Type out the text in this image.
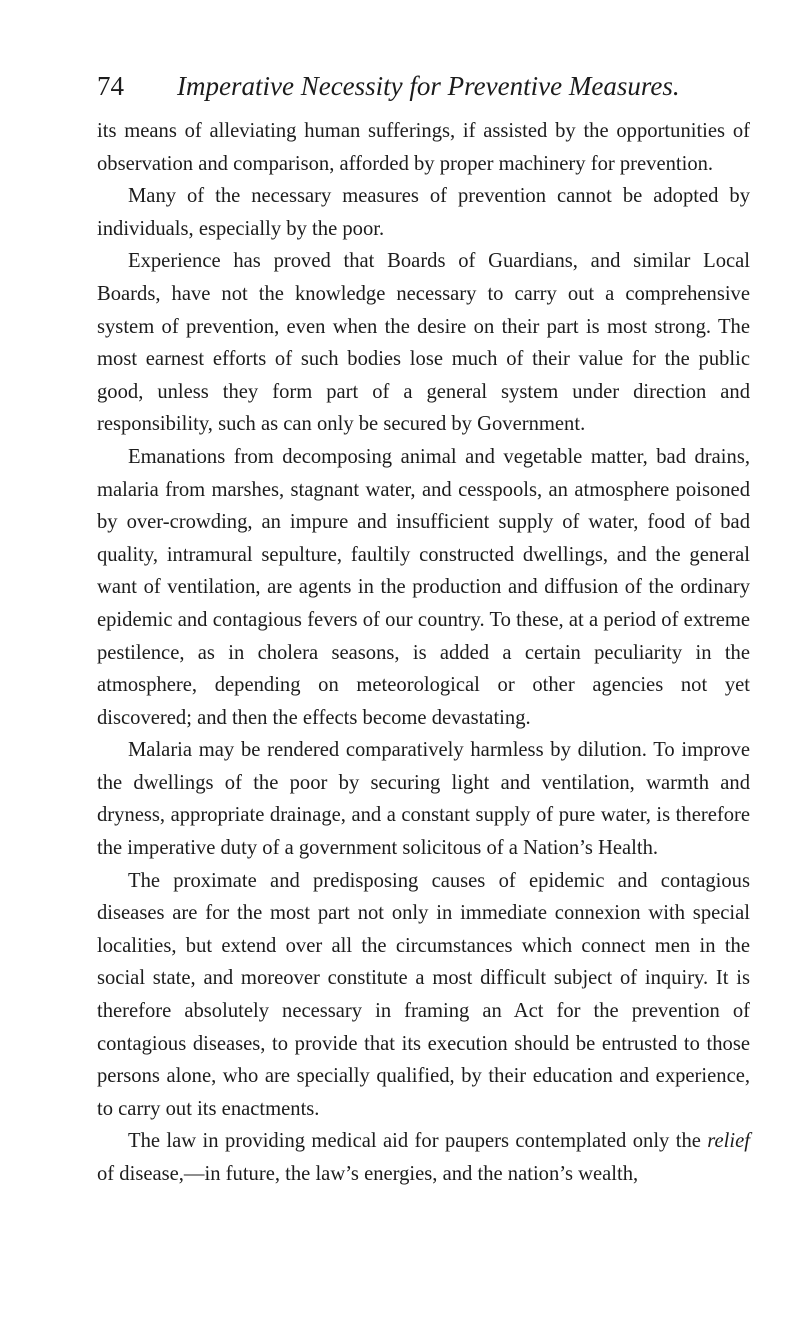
74 Imperative Necessity for Preventive Measures.

its means of alleviating human sufferings, if assisted by the opportunities of observation and comparison, afforded by proper machinery for prevention.

Many of the necessary measures of prevention cannot be adopted by individuals, especially by the poor.

Experience has proved that Boards of Guardians, and similar Local Boards, have not the knowledge necessary to carry out a comprehensive system of prevention, even when the desire on their part is most strong. The most earnest efforts of such bodies lose much of their value for the public good, unless they form part of a general system under direction and responsibility, such as can only be secured by Government.

Emanations from decomposing animal and vegetable matter, bad drains, malaria from marshes, stagnant water, and cesspools, an atmosphere poisoned by over-crowding, an impure and insufficient supply of water, food of bad quality, intramural sepulture, faultily constructed dwellings, and the general want of ventilation, are agents in the production and diffusion of the ordinary epidemic and contagious fevers of our country. To these, at a period of extreme pestilence, as in cholera seasons, is added a certain peculiarity in the atmosphere, depending on meteorological or other agencies not yet discovered; and then the effects become devastating.

Malaria may be rendered comparatively harmless by dilution. To improve the dwellings of the poor by securing light and ventilation, warmth and dryness, appropriate drainage, and a constant supply of pure water, is therefore the imperative duty of a government solicitous of a Nation’s Health.

The proximate and predisposing causes of epidemic and contagious diseases are for the most part not only in immediate connexion with special localities, but extend over all the circumstances which connect men in the social state, and moreover constitute a most difficult subject of inquiry. It is therefore absolutely necessary in framing an Act for the prevention of contagious diseases, to provide that its execution should be entrusted to those persons alone, who are specially qualified, by their education and experience, to carry out its enactments.

The law in providing medical aid for paupers contemplated only the relief of disease,—in future, the law’s energies, and the nation’s wealth,
